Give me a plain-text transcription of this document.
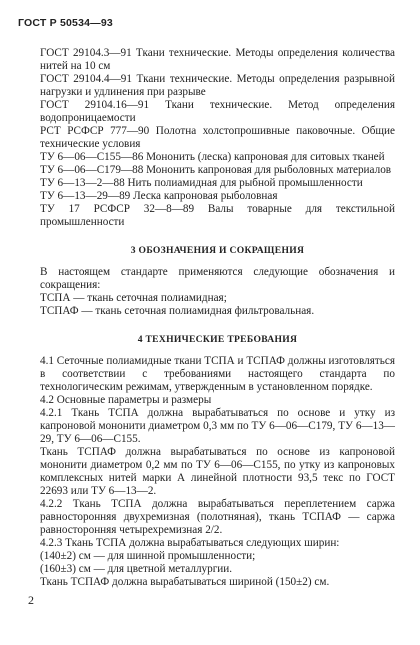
ГОСТ Р 50534—93
ГОСТ 29104.3—91 Ткани технические. Методы определения количества нитей на 10 см
ГОСТ 29104.4—91 Ткани технические. Методы определения разрывной нагрузки и удлинения при разрыве
ГОСТ 29104.16—91 Ткани технические. Метод определения водопроницаемости
РСТ РСФСР 777—90 Полотна холстопрошивные паковочные. Общие технические условия
ТУ 6—06—С155—86 Мононить (леска) капроновая для ситовых тканей
ТУ 6—06—С179—88 Мононить капроновая для рыболовных материалов
ТУ 6—13—2—88 Нить полиамидная для рыбной промышленности
ТУ 6—13—29—89 Леска капроновая рыболовная
ТУ 17 РСФСР 32—8—89 Валы товарные для текстильной промышленности
3 ОБОЗНАЧЕНИЯ И СОКРАЩЕНИЯ
В настоящем стандарте применяются следующие обозначения и сокращения:
ТСПА — ткань сеточная полиамидная;
ТСПАФ — ткань сеточная полиамидная фильтровальная.
4 ТЕХНИЧЕСКИЕ ТРЕБОВАНИЯ
4.1 Сеточные полиамидные ткани ТСПА и ТСПАФ должны изготовляться в соответствии с требованиями настоящего стандарта по технологическим режимам, утвержденным в установленном порядке.
4.2 Основные параметры и размеры
4.2.1 Ткань ТСПА должна вырабатываться по основе и утку из капроновой мононити диаметром 0,3 мм по ТУ 6—06—С179, ТУ 6—13—29, ТУ 6—06—С155.
Ткань ТСПАФ должна вырабатываться по основе из капроновой мононити диаметром 0,2 мм по ТУ 6—06—С155, по утку из капроновых комплексных нитей марки А линейной плотности 93,5 текс по ГОСТ 22693 или ТУ 6—13—2.
4.2.2 Ткань ТСПА должна вырабатываться переплетением саржа равносторонняя двухремизная (полотняная), ткань ТСПАФ — саржа равносторонняя четырехремизная 2/2.
4.2.3 Ткань ТСПА должна вырабатываться следующих ширин:
(140±2) см — для шинной промышленности;
(160±3) см — для цветной металлургии.
Ткань ТСПАФ должна вырабатываться шириной (150±2) см.
2
